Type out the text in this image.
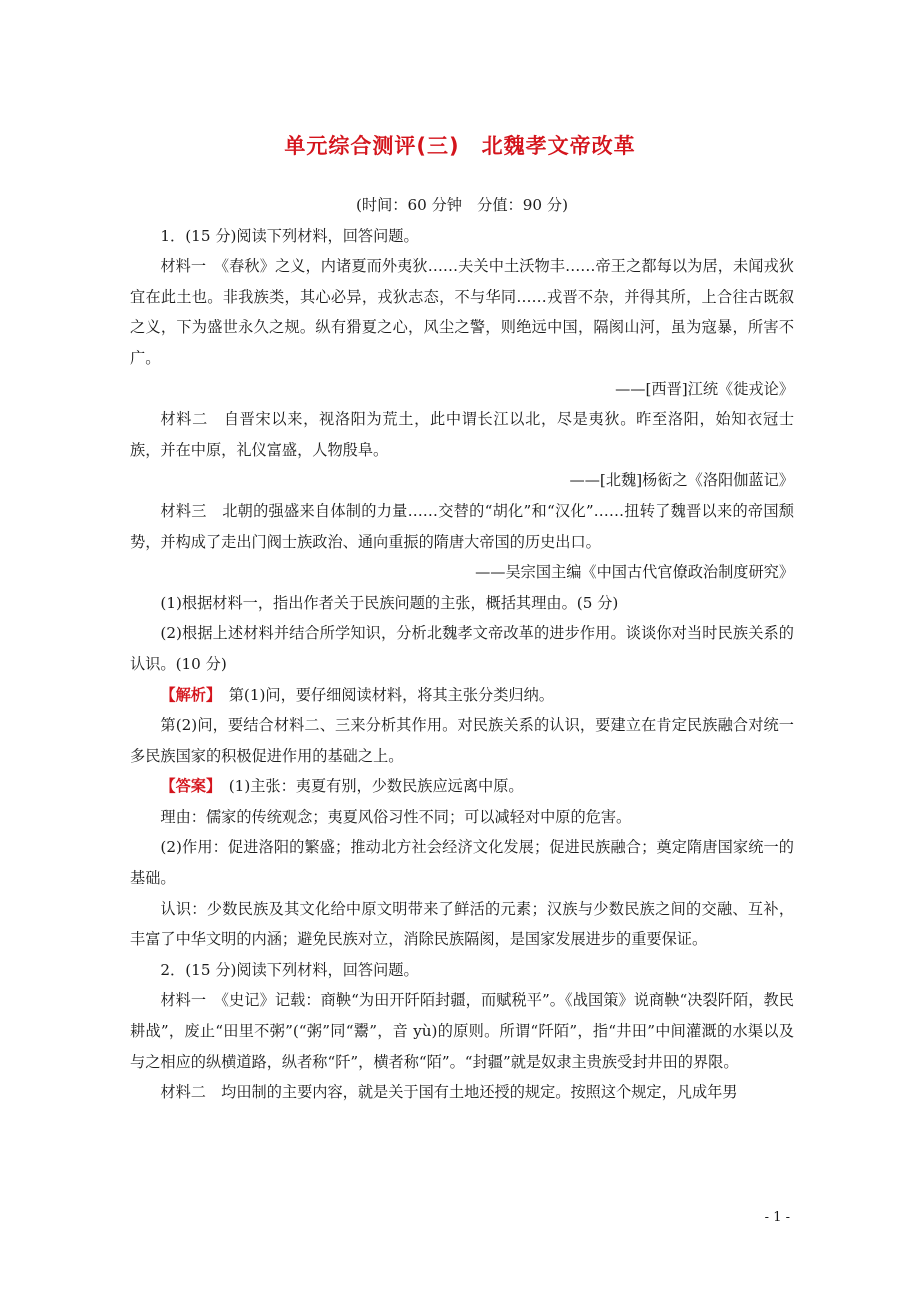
单元综合测评(三)　北魏孝文帝改革

(时间：60 分钟　分值：90 分)

1．(15 分)阅读下列材料，回答问题。

材料一　《春秋》之义，内诸夏而外夷狄……夫关中土沃物丰……帝王之都每以为居，未闻戎狄宜在此土也。非我族类，其心必异，戎狄志态，不与华同……戎晋不杂，并得其所，上合往古既叙之义，下为盛世永久之规。纵有猾夏之心，风尘之警，则绝远中国，隔阂山河，虽为寇暴，所害不广。

——[西晋]江统《徙戎论》

材料二　自晋宋以来，视洛阳为荒土，此中谓长江以北，尽是夷狄。昨至洛阳，始知衣冠士族，并在中原，礼仪富盛，人物殷阜。

——[北魏]杨衒之《洛阳伽蓝记》

材料三　北朝的强盛来自体制的力量……交替的“胡化”和“汉化”……扭转了魏晋以来的帝国颓势，并构成了走出门阀士族政治、通向重振的隋唐大帝国的历史出口。

——吴宗国主编《中国古代官僚政治制度研究》

(1)根据材料一，指出作者关于民族问题的主张，概括其理由。(5 分)

(2)根据上述材料并结合所学知识，分析北魏孝文帝改革的进步作用。谈谈你对当时民族关系的认识。(10 分)

【解析】　第(1)问，要仔细阅读材料，将其主张分类归纳。

第(2)问，要结合材料二、三来分析其作用。对民族关系的认识，要建立在肯定民族融合对统一多民族国家的积极促进作用的基础之上。

【答案】　(1)主张：夷夏有别，少数民族应远离中原。

理由：儒家的传统观念；夷夏风俗习性不同；可以减轻对中原的危害。

(2)作用：促进洛阳的繁盛；推动北方社会经济文化发展；促进民族融合；奠定隋唐国家统一的基础。

认识：少数民族及其文化给中原文明带来了鲜活的元素；汉族与少数民族之间的交融、互补，丰富了中华文明的内涵；避免民族对立，消除民族隔阂，是国家发展进步的重要保证。

2．(15 分)阅读下列材料，回答问题。

材料一　《史记》记载：商鞅“为田开阡陌封疆，而赋税平”。《战国策》说商鞅“决裂阡陌，教民耕战”，废止“田里不粥”(“粥”同“鬻”，音 yù)的原则。所谓“阡陌”，指“井田”中间灌溉的水渠以及与之相应的纵横道路，纵者称“阡”，横者称“陌”。“封疆”就是奴隶主贵族受封井田的界限。

材料二　均田制的主要内容，就是关于国有土地还授的规定。按照这个规定，凡成年男

- 1 -
